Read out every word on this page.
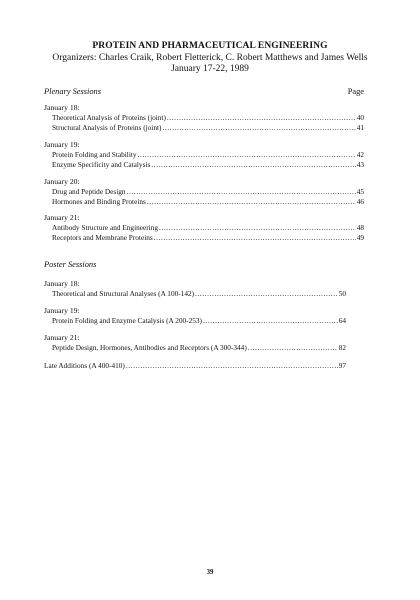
PROTEIN AND PHARMACEUTICAL ENGINEERING
Organizers: Charles Craik, Robert Fletterick, C. Robert Matthews and James Wells
January 17-22, 1989
Plenary Sessions	Page
January 18:
Theoretical Analysis of Proteins (joint) .....	40
Structural Analysis of Proteins (joint) .....	41
January 19:
Protein Folding and Stability .....	42
Enzyme Specificity and Catalysis .....	43
January 20:
Drug and Peptide Design .....	45
Hormones and Binding Proteins .....	46
January 21:
Antibody Structure and Engineering .....	48
Receptors and Membrane Proteins .....	49
Poster Sessions
January 18:
Theoretical and Structural Analyses (A 100-142) .....	50
January 19:
Protein Folding and Enzyme Catalysis (A 200-253) .....	64
January 21:
Peptide Design, Hormones, Antibodies and Receptors (A 300-344) .....	82
Late Additions (A 400-410) .....	97
39
